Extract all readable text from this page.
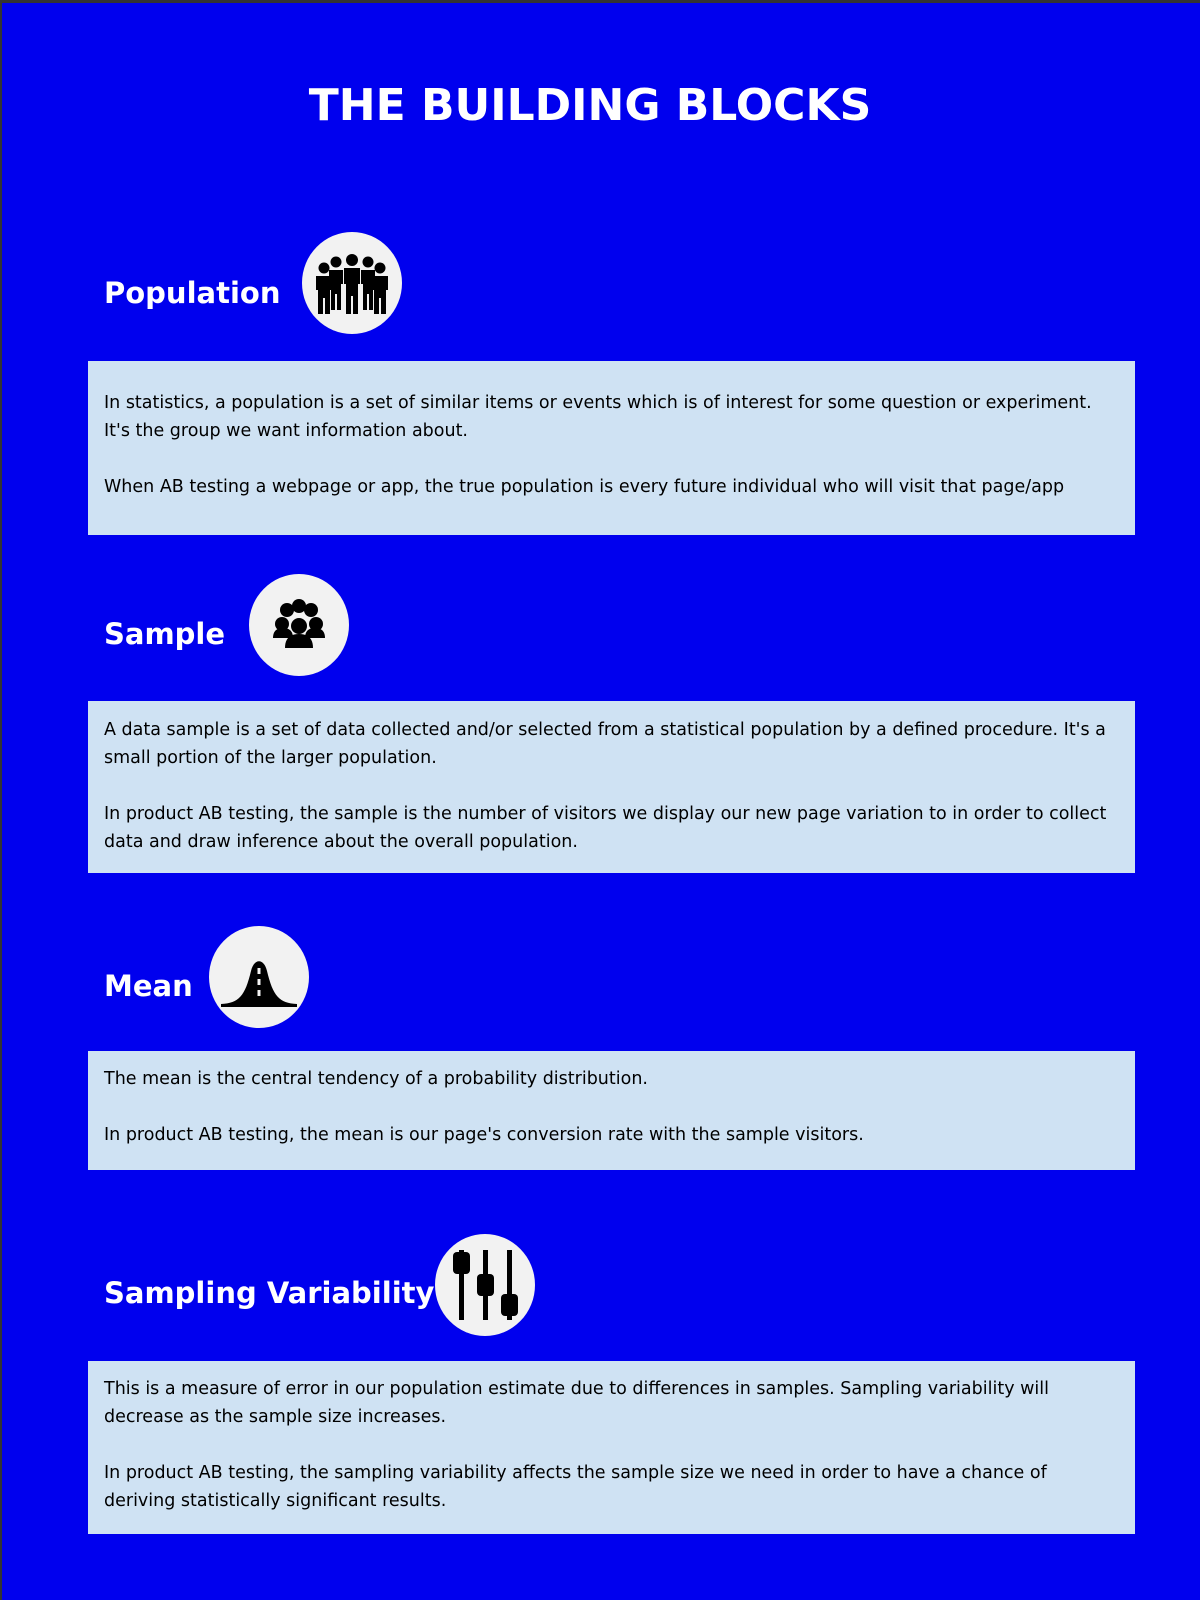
THE BUILDING BLOCKS
Population

In statistics, a population is a set of similar items or events which is of interest for some question or experiment. It's the group we want information about.

When AB testing a webpage or app, the true population is every future individual who will visit that page/app

Sample

A data sample is a set of data collected and/or selected from a statistical population by a defined procedure. It's a small portion of the larger population.

In product AB testing, the sample is the number of visitors we display our new page variation to in order to collect data and draw inference about the overall population.

Mean

The mean is the central tendency of a probability distribution.

In product AB testing, the mean is our page's conversion rate with the sample visitors.

Sampling Variability

This is a measure of error in our population estimate due to differences in samples. Sampling variability will decrease as the sample size increases.

In product AB testing, the sampling variability affects the sample size we need in order to have a chance of deriving statistically significant results.
